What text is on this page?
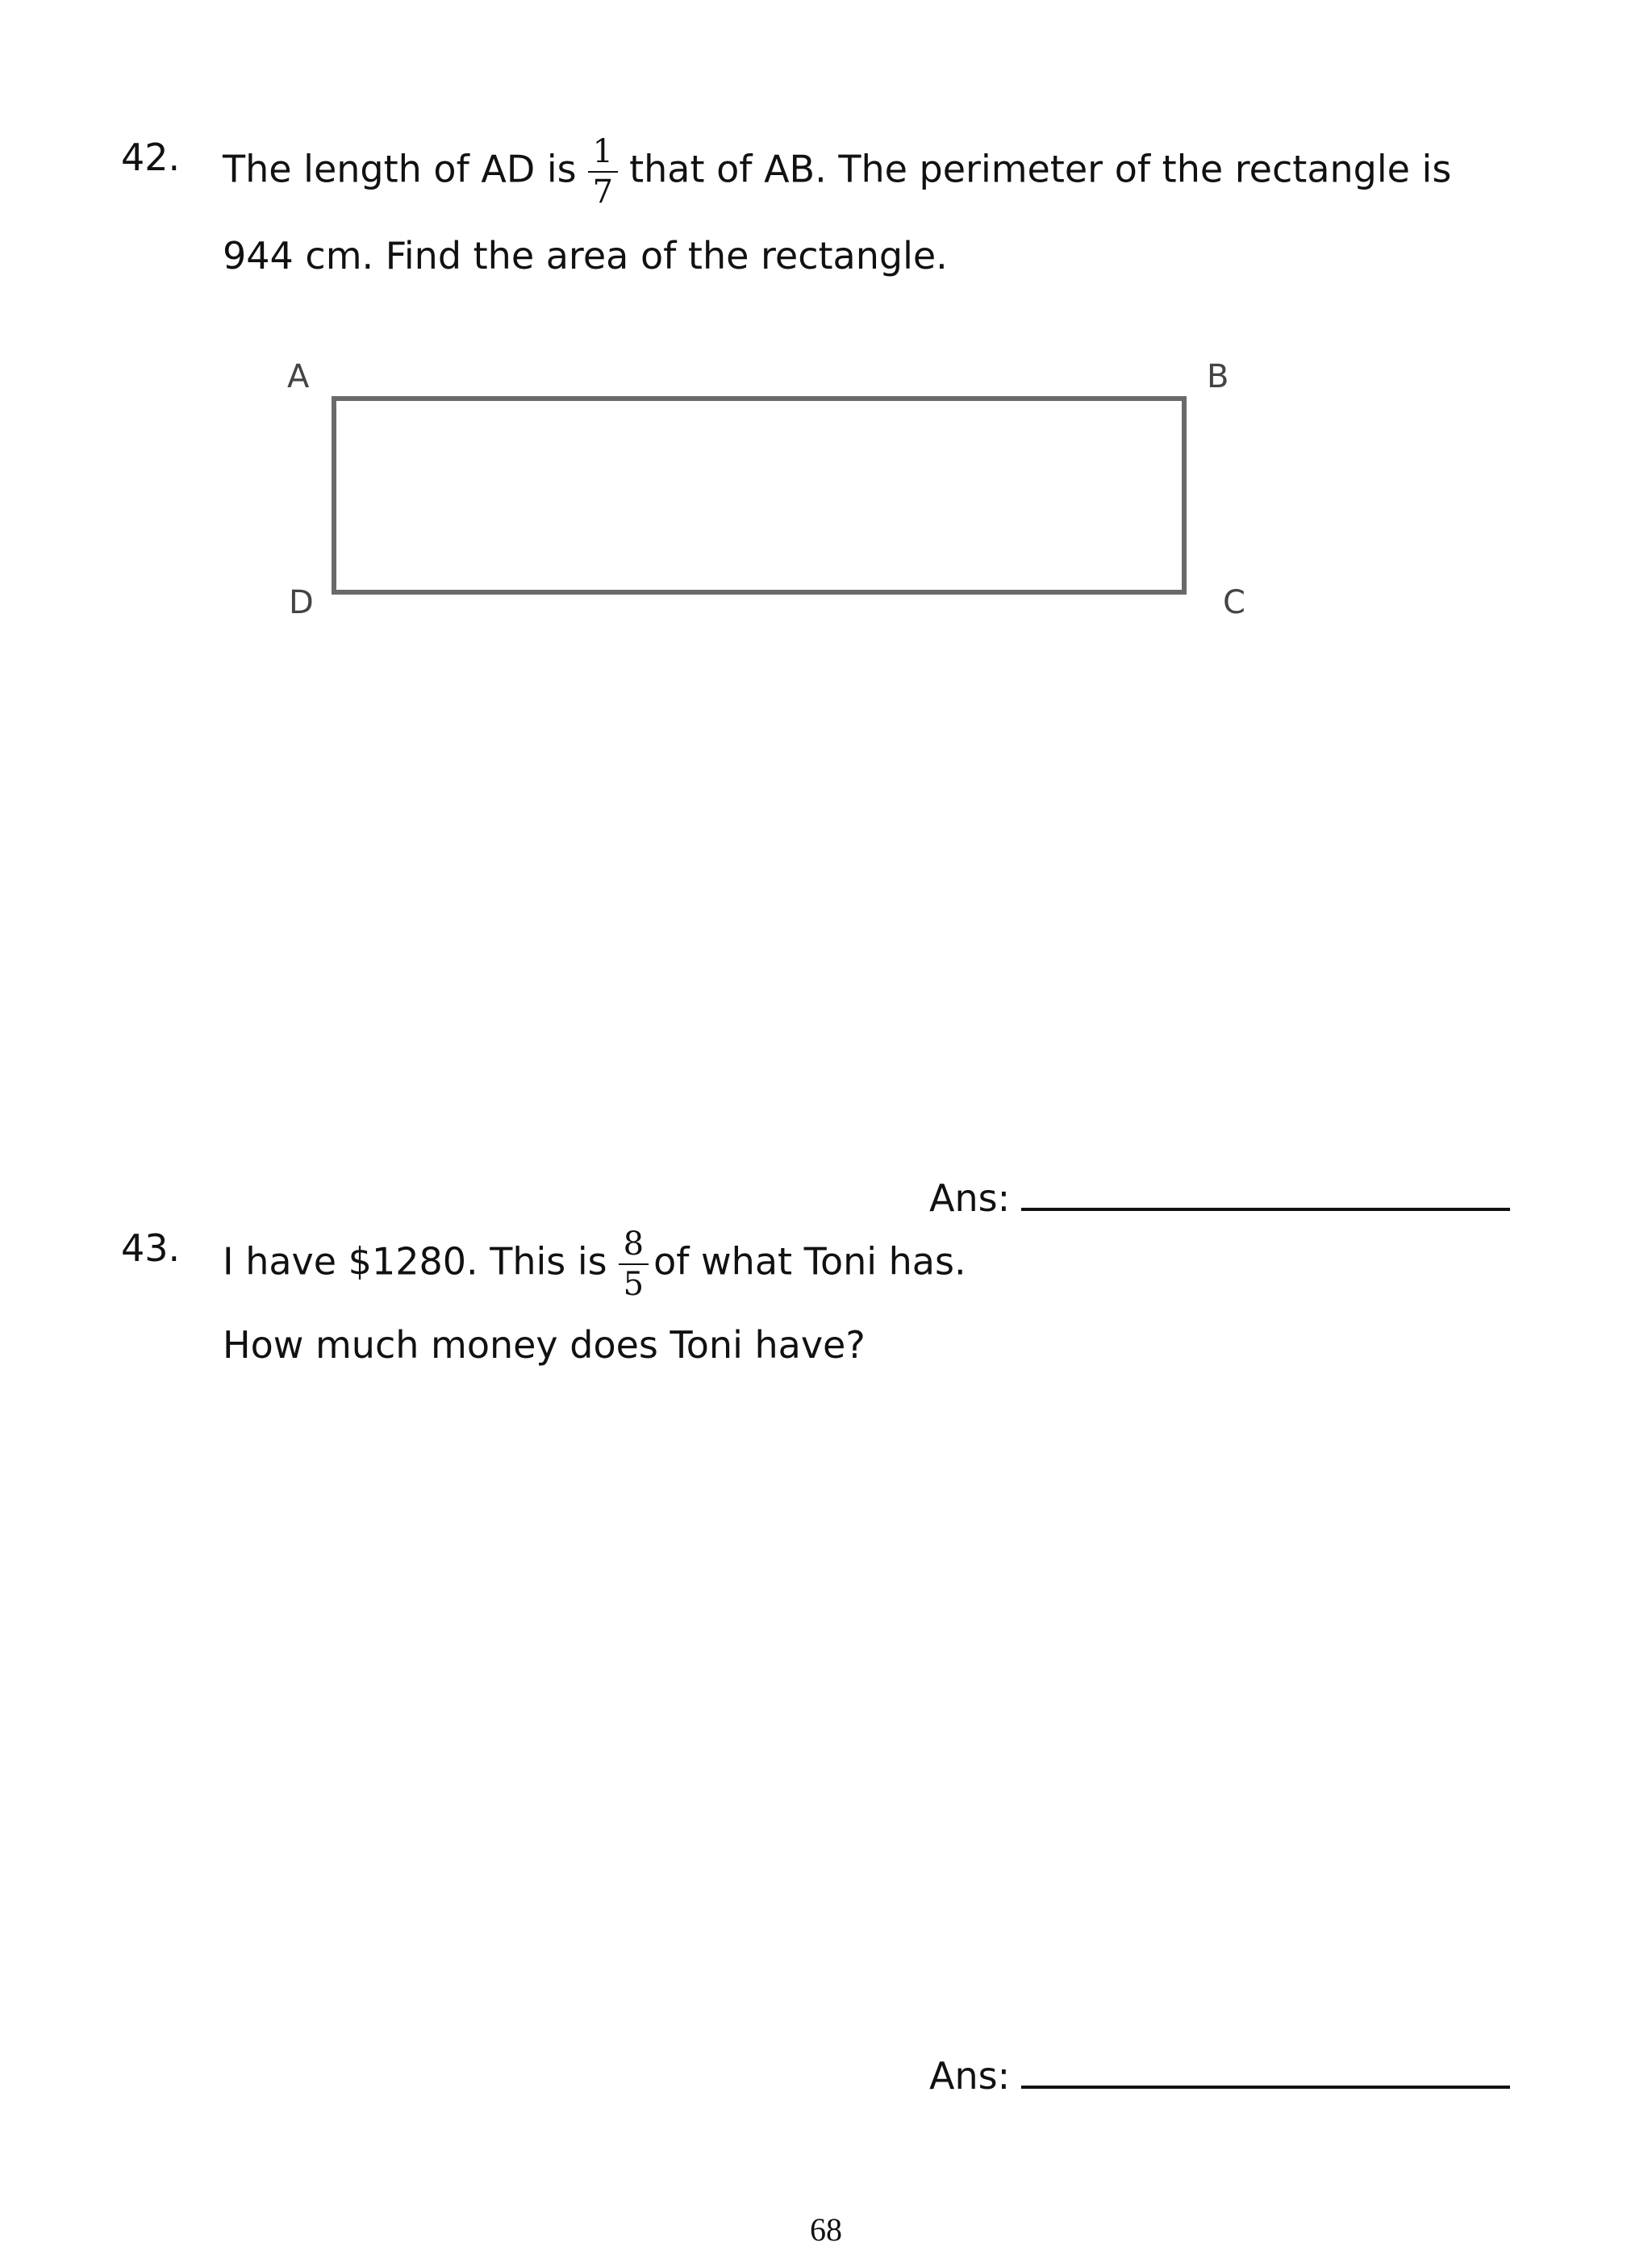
42. The length of AD is $\frac{1}{7}$ that of AB. The perimeter of the rectangle is
944 cm. Find the area of the rectangle.
A	B
C
D
Ans:
43. I have $1280. This is $\frac{8}{5}$ of what Toni has.
How much money does Toni have?
Ans:
68
